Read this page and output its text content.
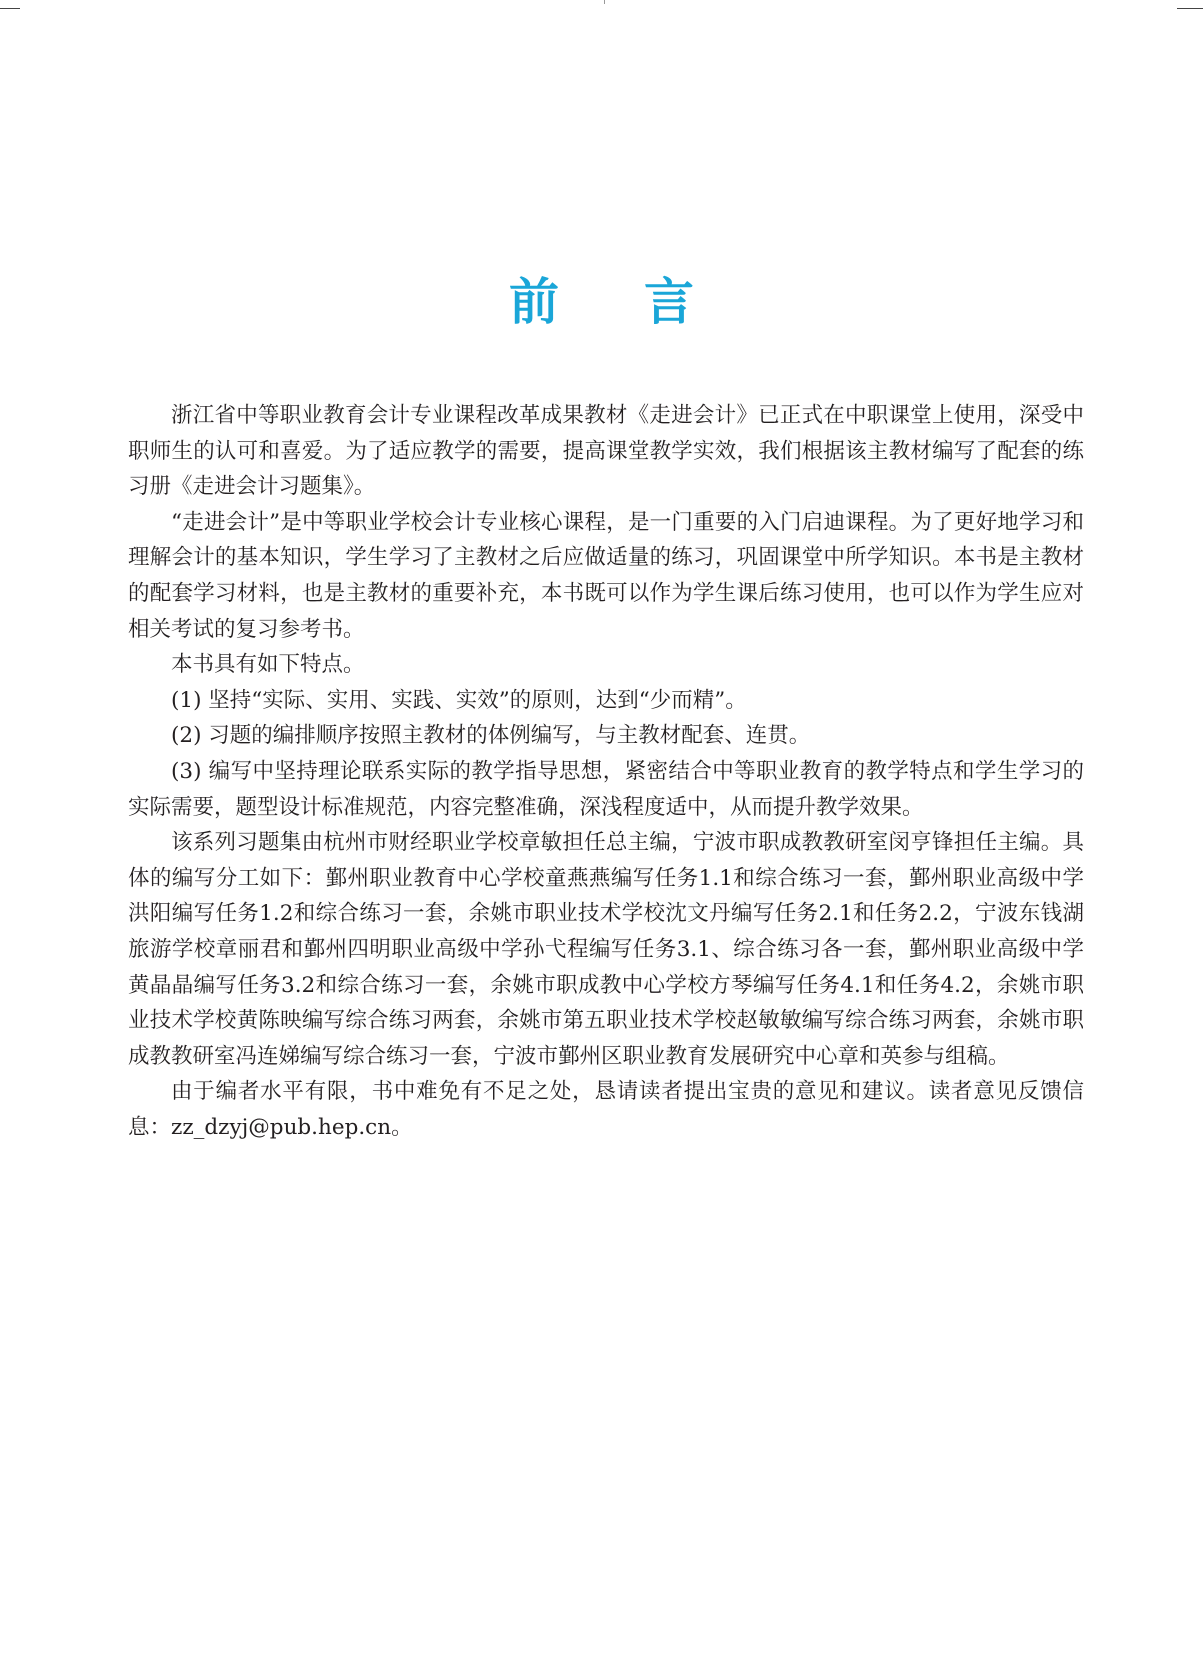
前言

浙江省中等职业教育会计专业课程改革成果教材《走进会计》已正式在中职课堂上使用，深受中职师生的认可和喜爱。为了适应教学的需要，提高课堂教学实效，我们根据该主教材编写了配套的练习册《走进会计习题集》。

“走进会计”是中等职业学校会计专业核心课程，是一门重要的入门启迪课程。为了更好地学习和理解会计的基本知识，学生学习了主教材之后应做适量的练习，巩固课堂中所学知识。本书是主教材的配套学习材料，也是主教材的重要补充，本书既可以作为学生课后练习使用，也可以作为学生应对相关考试的复习参考书。

本书具有如下特点。

(1) 坚持“实际、实用、实践、实效”的原则，达到“少而精”。

(2) 习题的编排顺序按照主教材的体例编写，与主教材配套、连贯。

(3) 编写中坚持理论联系实际的教学指导思想，紧密结合中等职业教育的教学特点和学生学习的实际需要，题型设计标准规范，内容完整准确，深浅程度适中，从而提升教学效果。

该系列习题集由杭州市财经职业学校章敏担任总主编，宁波市职成教教研室闵亨锋担任主编。具体的编写分工如下：鄞州职业教育中心学校童燕燕编写任务1.1和综合练习一套，鄞州职业高级中学洪阳编写任务1.2和综合练习一套，余姚市职业技术学校沈文丹编写任务2.1和任务2.2，宁波东钱湖旅游学校章丽君和鄞州四明职业高级中学孙弋程编写任务3.1、综合练习各一套，鄞州职业高级中学黄晶晶编写任务3.2和综合练习一套，余姚市职成教中心学校方琴编写任务4.1和任务4.2，余姚市职业技术学校黄陈映编写综合练习两套，余姚市第五职业技术学校赵敏敏编写综合练习两套，余姚市职成教教研室冯连娣编写综合练习一套，宁波市鄞州区职业教育发展研究中心章和英参与组稿。

由于编者水平有限，书中难免有不足之处，恳请读者提出宝贵的意见和建议。读者意见反馈信息：zz_dzyj@pub.hep.cn。
